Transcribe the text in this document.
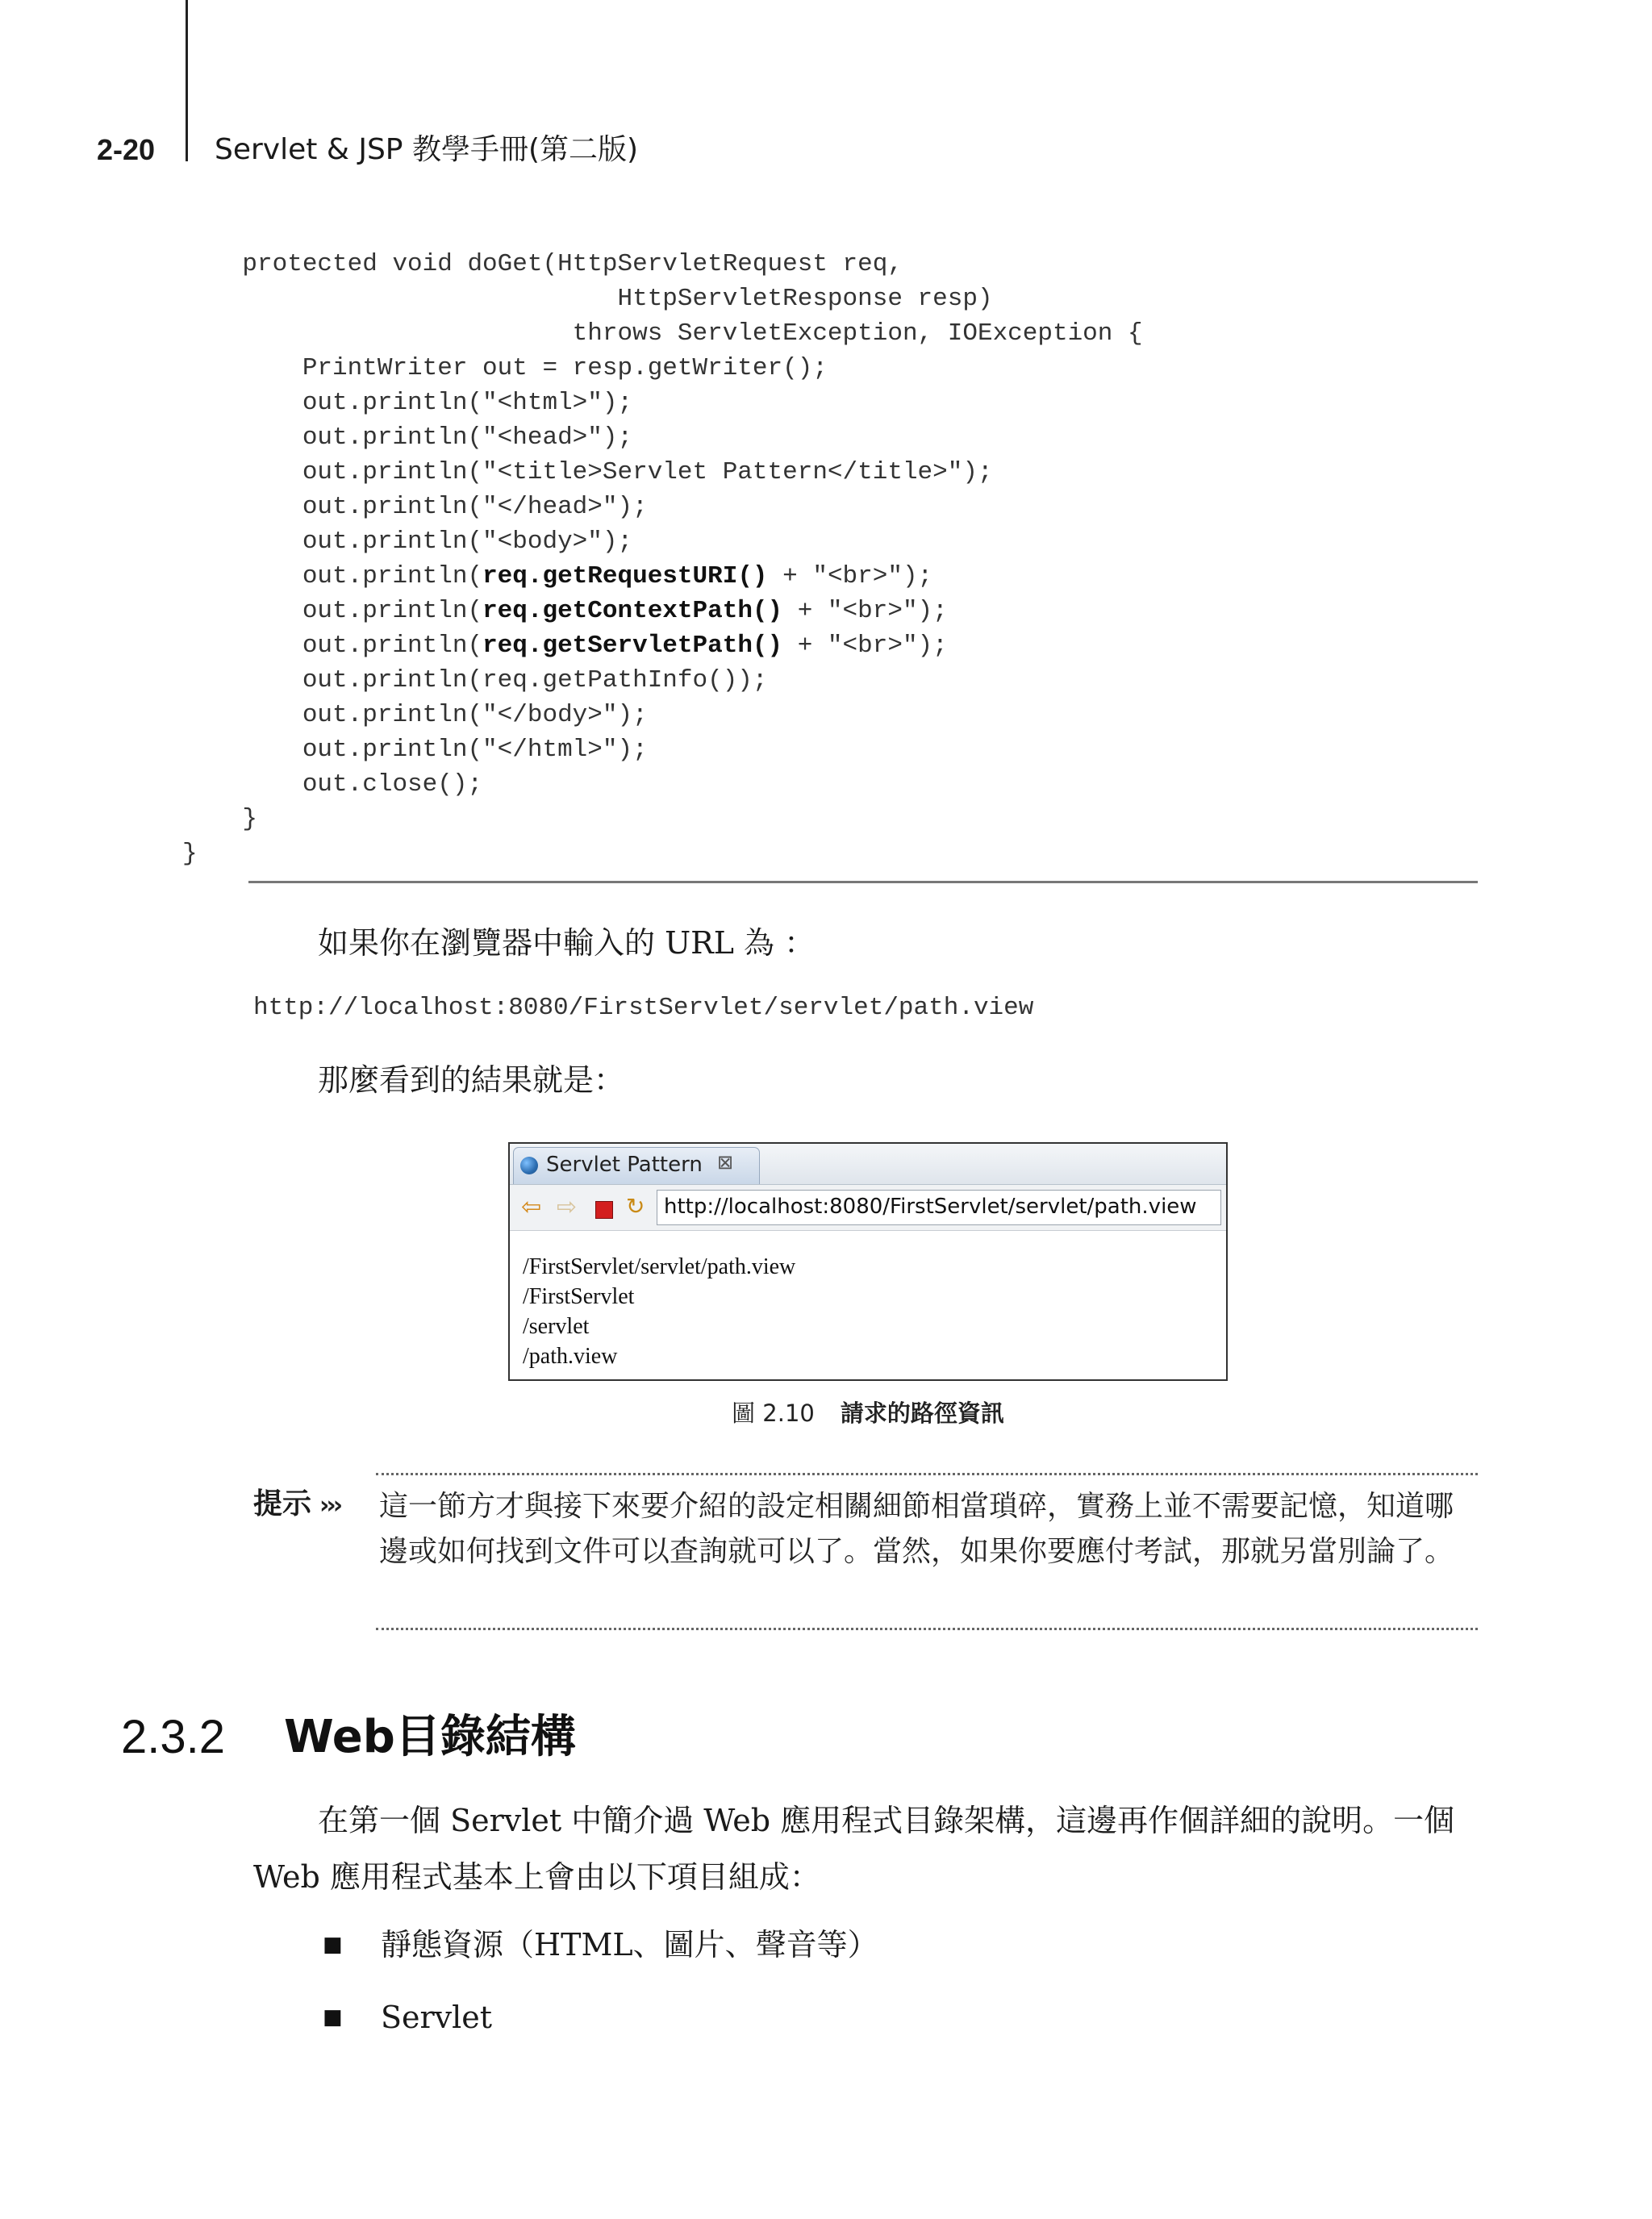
2-20 Servlet & JSP 教學手冊(第二版)
protected void doGet(HttpServletRequest req,
HttpServletResponse resp)
throws ServletException, IOException {
PrintWriter out = resp.getWriter();
out.println("<html>");
out.println("<head>");
out.println("<title>Servlet Pattern</title>");
out.println("</head>");
out.println("<body>");
out.println(req.getRequestURI() + "<br>");
out.println(req.getContextPath() + "<br>");
out.println(req.getServletPath() + "<br>");
out.println(req.getPathInfo());
out.println("</body>");
out.println("</html>");
out.close();
}
}
如果你在瀏覽器中輸入的 URL 為 ：
http://localhost:8080/FirstServlet/servlet/path.view
那麼看到的結果就是：
Servlet Pattern ⊠
⇦ ⇨ ↻ http://localhost:8080/FirstServlet/servlet/path.view
/FirstServlet/servlet/path.view
/FirstServlet
/servlet
/path.view
圖 2.10 請求的路徑資訊
提示 ››› 這一節方才與接下來要介紹的設定相關細節相當瑣碎，實務上並不需要記憶，知道哪邊或如何找到文件可以查詢就可以了。當然，如果你要應付考試，那就另當別論了。
2.3.2 Web目錄結構
在第一個 Servlet 中簡介過 Web 應用程式目錄架構，這邊再作個詳細的說明。一個 Web 應用程式基本上會由以下項目組成：
■ 靜態資源（HTML、圖片、聲音等）
■ Servlet
